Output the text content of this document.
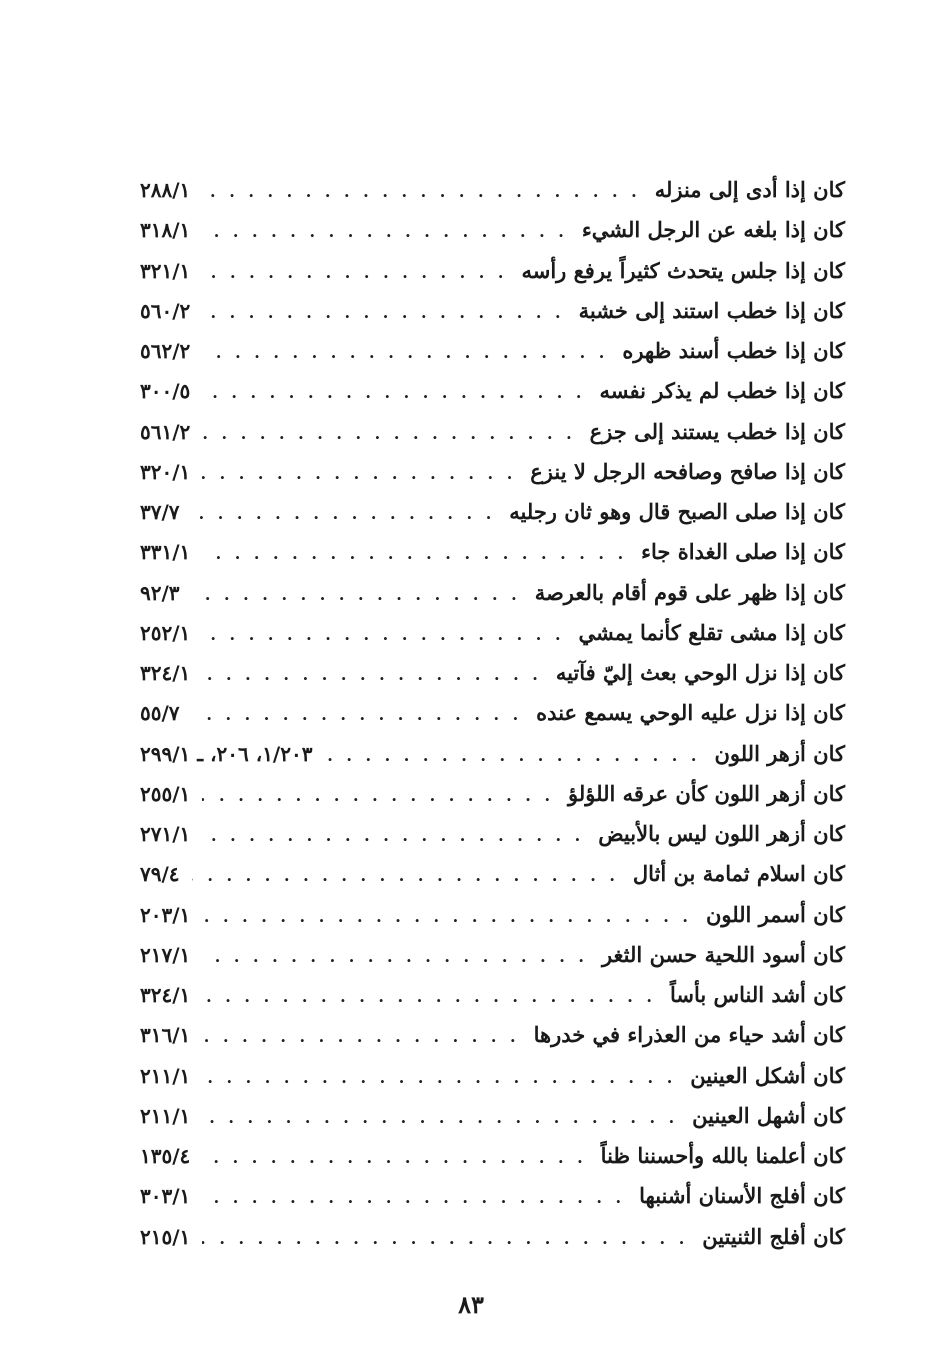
كان إذا أدى إلى منزله
. . .
٢٨٨/١
كان إذا بلغه عن الرجل الشيء
. . .
٣١٨/١
كان إذا جلس يتحدث كثيراً يرفع رأسه
. . .
٣٢١/١
كان إذا خطب استند إلى خشبة
. . .
٥٦٠/٢
كان إذا خطب أسند ظهره
. . .
٥٦٢/٢
كان إذا خطب لم يذكر نفسه
. . .
٣٠٠/٥
كان إذا خطب يستند إلى جزع
. . .
٥٦١/٢
كان إذا صافح وصافحه الرجل لا ينزع
. . .
٣٢٠/١
كان إذا صلى الصبح قال وهو ثان رجليه
. . .
٣٧/٧
كان إذا صلى الغداة جاء
. . .
٣٣١/١
كان إذا ظهر على قوم أقام بالعرصة
. . .
٩٢/٣
كان إذا مشى تقلع كأنما يمشي
. . .
٢٥٢/١
كان إذا نزل الوحي بعث إليّ فآتيه
. . .
٣٢٤/١
كان إذا نزل عليه الوحي يسمع عنده
. . .
٥٥/٧
كان أزهر اللون
. . .
١/٢٠٣، ٢٠٦، ـ ٢٩٩/١
كان أزهر اللون كأن عرقه اللؤلؤ
. . .
٢٥٥/١
كان أزهر اللون ليس بالأبيض
. . .
٢٧١/١
كان اسلام ثمامة بن أثال
. . .
٧٩/٤
كان أسمر اللون
. . .
٢٠٣/١
كان أسود اللحية حسن الثغر
. . .
٢١٧/١
كان أشد الناس بأساً
. . .
٣٢٤/١
كان أشد حياء من العذراء في خدرها
. . .
٣١٦/١
كان أشكل العينين
. . .
٢١١/١
كان أشهل العينين
. . .
٢١١/١
كان أعلمنا بالله وأحسننا ظناً
. . .
١٣٥/٤
كان أفلج الأسنان أشنبها
. . .
٣٠٣/١
كان أفلج الثنيتين
. . .
٢١٥/١
٨٣
